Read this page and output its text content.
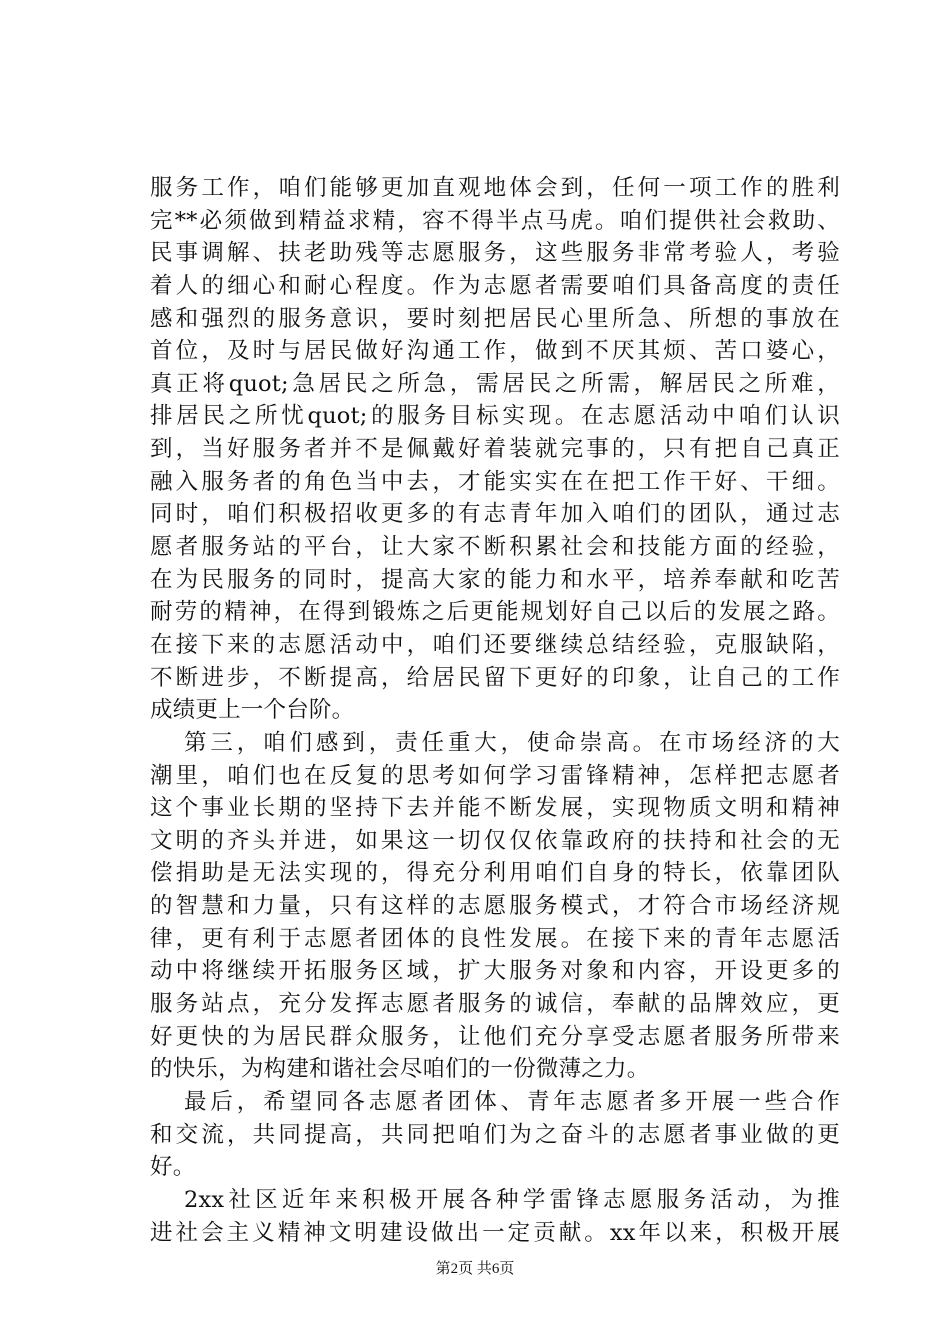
服务工作，咱们能够更加直观地体会到，任何一项工作的胜利
完**必须做到精益求精，容不得半点马虎。咱们提供社会救助、
民事调解、扶老助残等志愿服务，这些服务非常考验人，考验
着人的细心和耐心程度。作为志愿者需要咱们具备高度的责任
感和强烈的服务意识，要时刻把居民心里所急、所想的事放在
首位，及时与居民做好沟通工作，做到不厌其烦、苦口婆心，
真正将quot;急居民之所急，需居民之所需，解居民之所难，
排居民之所忧quot;的服务目标实现。在志愿活动中咱们认识
到，当好服务者并不是佩戴好着装就完事的，只有把自己真正
融入服务者的角色当中去，才能实实在在把工作干好、干细。
同时，咱们积极招收更多的有志青年加入咱们的团队，通过志
愿者服务站的平台，让大家不断积累社会和技能方面的经验，
在为民服务的同时，提高大家的能力和水平，培养奉献和吃苦
耐劳的精神，在得到锻炼之后更能规划好自己以后的发展之路。
在接下来的志愿活动中，咱们还要继续总结经验，克服缺陷，
不断进步，不断提高，给居民留下更好的印象，让自己的工作
成绩更上一个台阶。
第三，咱们感到，责任重大，使命崇高。在市场经济的大
潮里，咱们也在反复的思考如何学习雷锋精神，怎样把志愿者
这个事业长期的坚持下去并能不断发展，实现物质文明和精神
文明的齐头并进，如果这一切仅仅依靠政府的扶持和社会的无
偿捐助是无法实现的，得充分利用咱们自身的特长，依靠团队
的智慧和力量，只有这样的志愿服务模式，才符合市场经济规
律，更有利于志愿者团体的良性发展。在接下来的青年志愿活
动中将继续开拓服务区域，扩大服务对象和内容，开设更多的
服务站点，充分发挥志愿者服务的诚信，奉献的品牌效应，更
好更快的为居民群众服务，让他们充分享受志愿者服务所带来
的快乐，为构建和谐社会尽咱们的一份微薄之力。
最后，希望同各志愿者团体、青年志愿者多开展一些合作
和交流，共同提高，共同把咱们为之奋斗的志愿者事业做的更
好。
2xx社区近年来积极开展各种学雷锋志愿服务活动，为推
进社会主义精神文明建设做出一定贡献。xx年以来，积极开展
第2页 共6页
